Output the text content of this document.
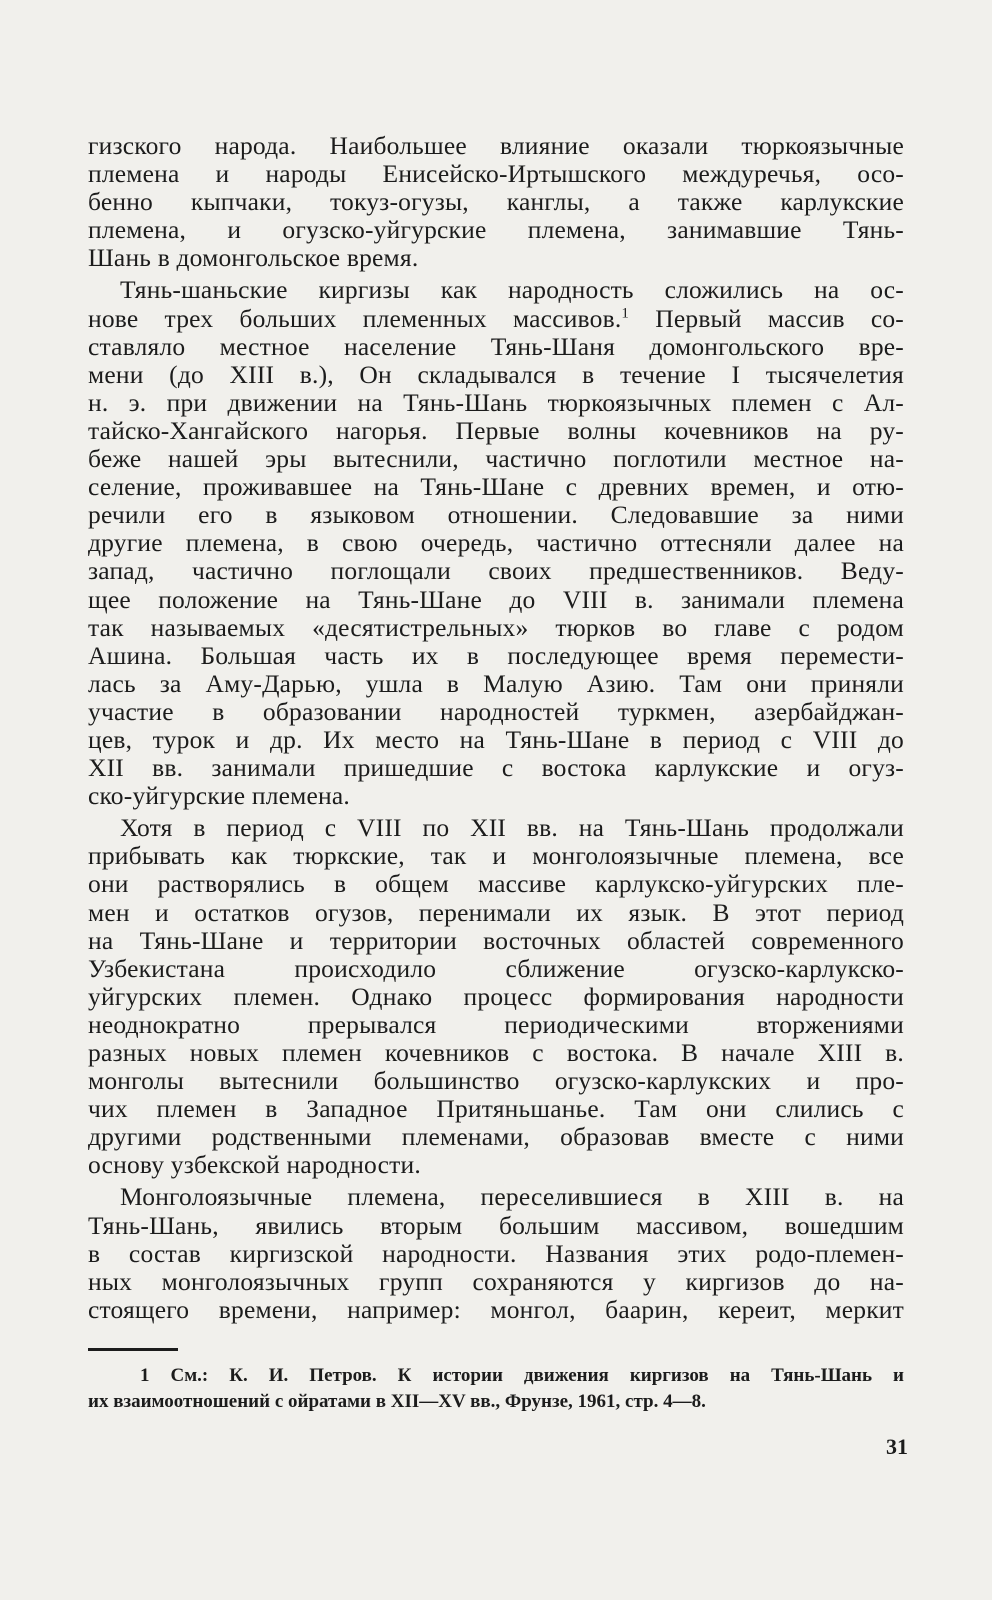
гизского народа. Наибольшее влияние оказали тюркоязычные
племена и народы Енисейско-Иртышского междуречья, осо-
бенно кыпчаки, токуз-огузы, канглы, а также карлукские
племена, и огузско-уйгурские племена, занимавшие Тянь-
Шань в домонгольское время.
Тянь-шаньские киргизы как народность сложились на ос-
нове трех больших племенных массивов.$^1$ Первый массив со-
ставляло местное население Тянь-Шаня домонгольского вре-
мени (до XIII в.), Он складывался в течение I тысячелетия
н. э. при движении на Тянь-Шань тюркоязычных племен с Ал-
тайско-Хангайского нагорья. Первые волны кочевников на ру-
беже нашей эры вытеснили, частично поглотили местное на-
селение, проживавшее на Тянь-Шане с древних времен, и отю-
речили его в языковом отношении. Следовавшие за ними
другие племена, в свою очередь, частично оттесняли далее на
запад, частично поглощали своих предшественников. Веду-
щее положение на Тянь-Шане до VIII в. занимали племена
так называемых «десятистрельных» тюрков во главе с родом
Ашина. Большая часть их в последующее время перемести-
лась за Аму-Дарью, ушла в Малую Азию. Там они приняли
участие в образовании народностей туркмен, азербайджан-
цев, турок и др. Их место на Тянь-Шане в период с VIII до
XII вв. занимали пришедшие с востока карлукские и огуз-
ско-уйгурские племена.
Хотя в период с VIII по XII вв. на Тянь-Шань продолжали
прибывать как тюркские, так и монголоязычные племена, все
они растворялись в общем массиве карлукско-уйгурских пле-
мен и остатков огузов, перенимали их язык. В этот период
на Тянь-Шане и территории восточных областей современного
Узбекистана происходило сближение огузско-карлукско-
уйгурских племен. Однако процесс формирования народности
неоднократно прерывался периодическими вторжениями
разных новых племен кочевников с востока. В начале XIII в.
монголы вытеснили большинство огузско-карлукских и про-
чих племен в Западное Притяньшанье. Там они слились с
другими родственными племенами, образовав вместе с ними
основу узбекской народности.
Монголоязычные племена, переселившиеся в XIII в. на
Тянь-Шань, явились вторым большим массивом, вошедшим
в состав киргизской народности. Названия этих родо-племен-
ных монголоязычных групп сохраняются у киргизов до на-
стоящего времени, например: монгол, баарин, кереит, меркит
1 См.: К. И. Петров. К истории движения киргизов на Тянь-Шань и
их взаимоотношений с ойратами в XII—XV вв., Фрунзе, 1961, стр. 4—8.
31
